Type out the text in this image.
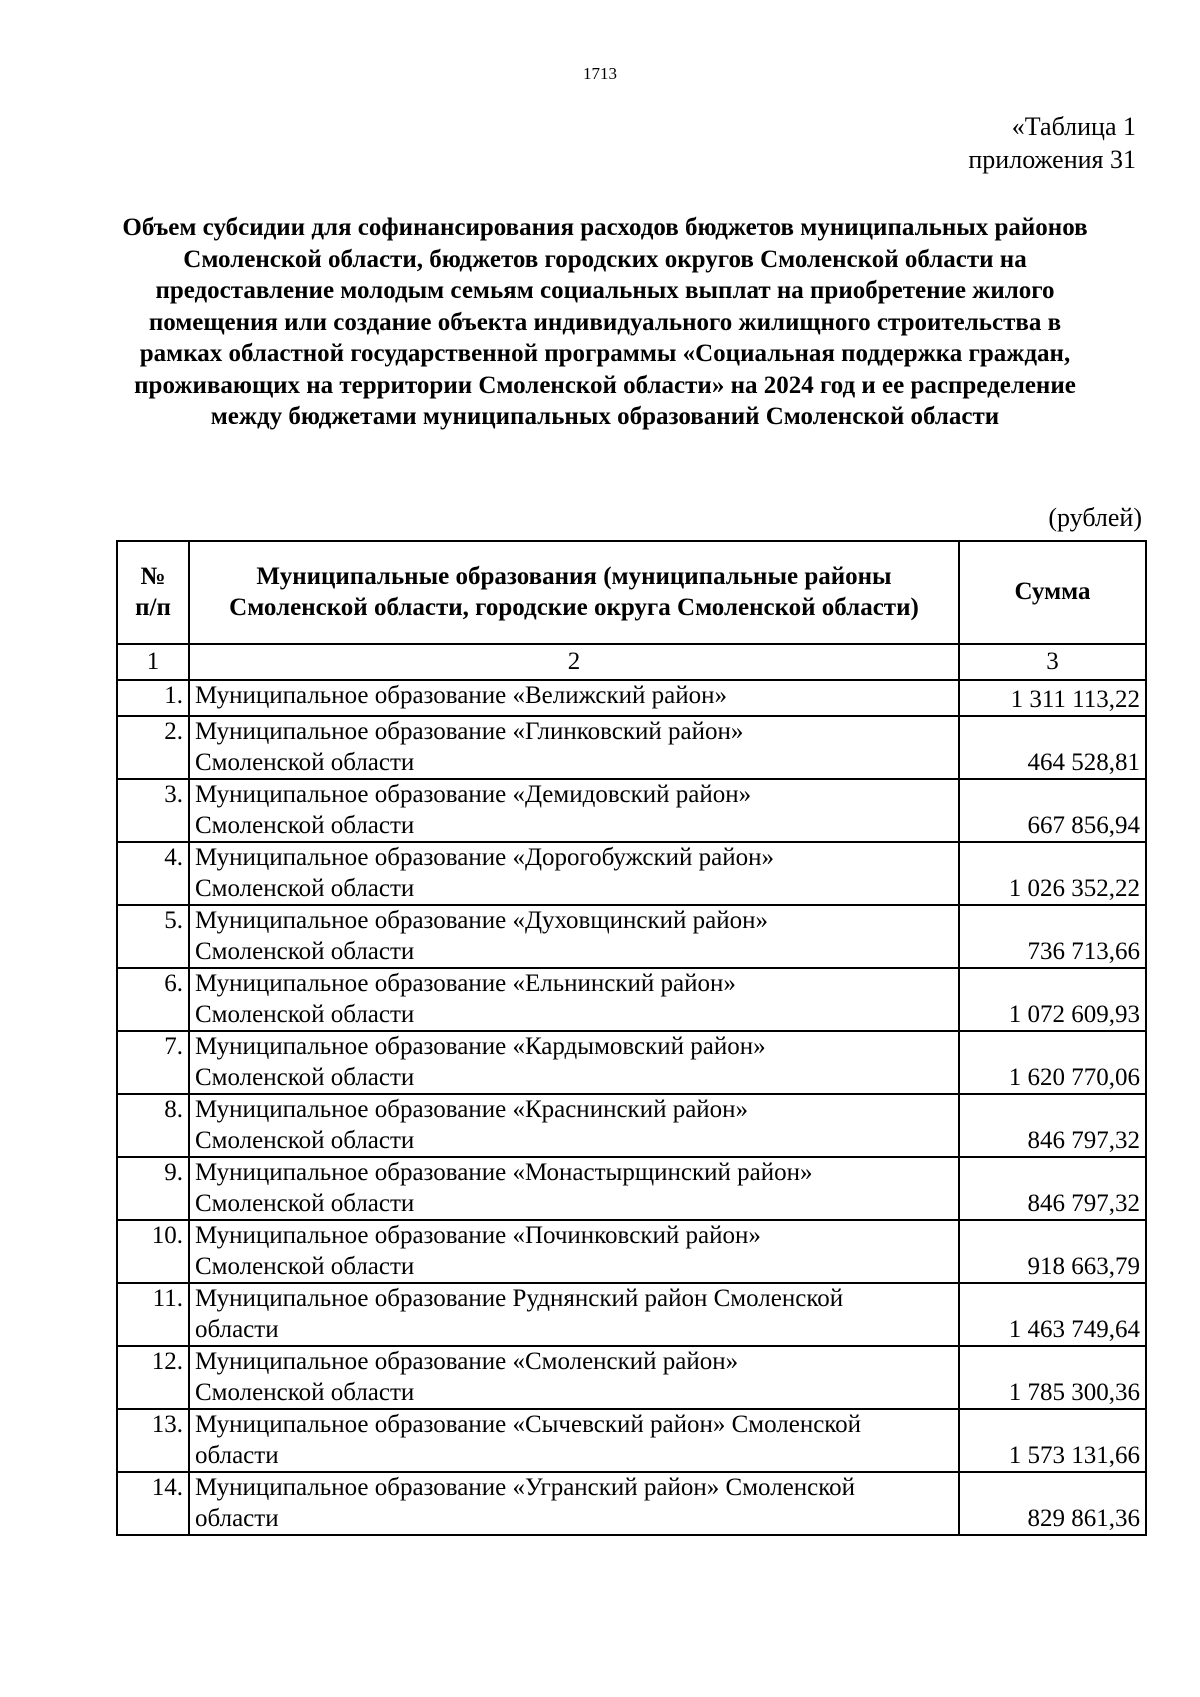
1713
«Таблица 1
приложения 31
Объем субсидии для софинансирования расходов бюджетов муниципальных районов Смоленской области, бюджетов городских округов Смоленской области на предоставление молодым семьям социальных выплат на приобретение жилого помещения или создание объекта индивидуального жилищного строительства в рамках областной государственной программы «Социальная поддержка граждан, проживающих на территории Смоленской области» на 2024 год и ее распределение между бюджетами муниципальных образований Смоленской области
(рублей)
№
п/п	Муниципальные образования (муниципальные районы Смоленской области, городские округа Смоленской области)	Сумма
1	2	3
1.	Муниципальное образование «Велижский район»	1 311 113,22
2.	Муниципальное образование «Глинковский район»
Смоленской области	464 528,81
3.	Муниципальное образование «Демидовский район»
Смоленской области	667 856,94
4.	Муниципальное образование «Дорогобужский район»
Смоленской области	1 026 352,22
5.	Муниципальное образование «Духовщинский район»
Смоленской области	736 713,66
6.	Муниципальное образование «Ельнинский район»
Смоленской области	1 072 609,93
7.	Муниципальное образование «Кардымовский район»
Смоленской области	1 620 770,06
8.	Муниципальное образование «Краснинский район»
Смоленской области	846 797,32
9.	Муниципальное образование «Монастырщинский район»
Смоленской области	846 797,32
10.	Муниципальное образование «Починковский район»
Смоленской области	918 663,79
11.	Муниципальное образование Руднянский район Смоленской
области	1 463 749,64
12.	Муниципальное образование «Смоленский район»
Смоленской области	1 785 300,36
13.	Муниципальное образование «Сычевский район» Смоленской
области	1 573 131,66
14.	Муниципальное образование «Угранский район» Смоленской
области	829 861,36
